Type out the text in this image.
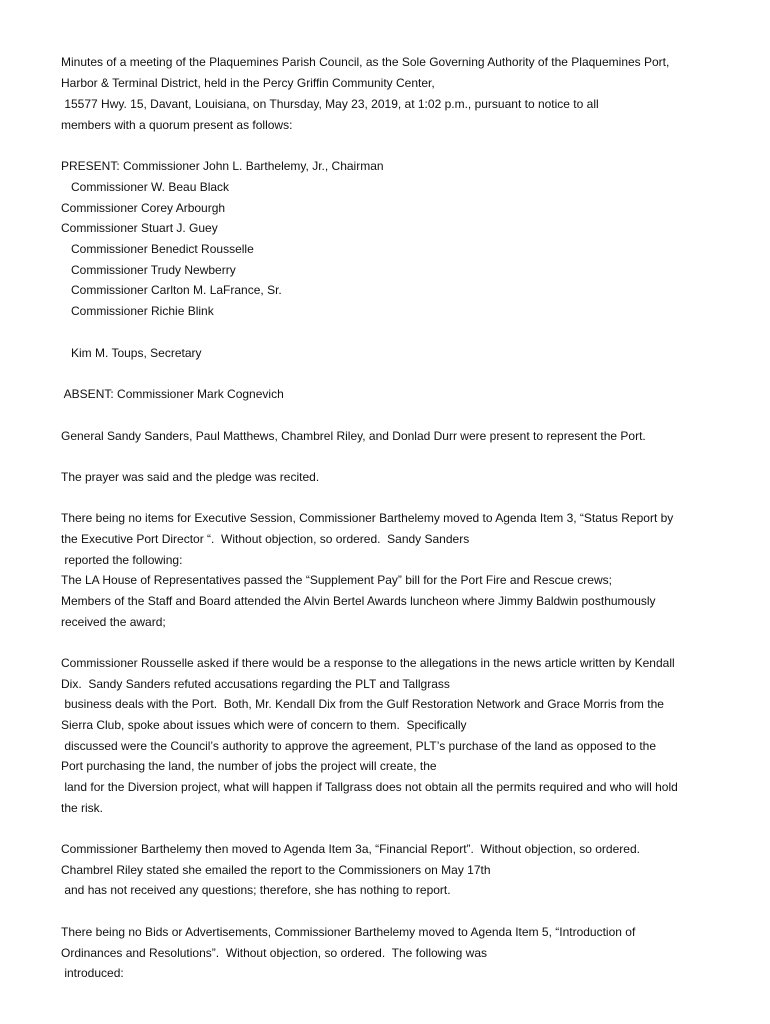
Minutes of a meeting of the Plaquemines Parish Council, as the Sole Governing Authority of the Plaquemines Port,
Harbor & Terminal District, held in the Percy Griffin Community Center,
15577 Hwy. 15, Davant, Louisiana, on Thursday, May 23, 2019, at 1:02 p.m., pursuant to notice to all
members with a quorum present as follows:
PRESENT: Commissioner John L. Barthelemy, Jr., Chairman
Commissioner W. Beau Black
Commissioner Corey Arbourgh
Commissioner Stuart J. Guey
Commissioner Benedict Rousselle
Commissioner Trudy Newberry
Commissioner Carlton M. LaFrance, Sr.
Commissioner Richie Blink
Kim M. Toups, Secretary
ABSENT: Commissioner Mark Cognevich
General Sandy Sanders, Paul Matthews, Chambrel Riley, and Donlad Durr were present to represent the Port.
The prayer was said and the pledge was recited.
There being no items for Executive Session, Commissioner Barthelemy moved to Agenda Item 3, “Status Report by
the Executive Port Director “.  Without objection, so ordered.  Sandy Sanders
reported the following:
The LA House of Representatives passed the “Supplement Pay” bill for the Port Fire and Rescue crews;
Members of the Staff and Board attended the Alvin Bertel Awards luncheon where Jimmy Baldwin posthumously
received the award;
Commissioner Rousselle asked if there would be a response to the allegations in the news article written by Kendall
Dix.  Sandy Sanders refuted accusations regarding the PLT and Tallgrass
business deals with the Port.  Both, Mr. Kendall Dix from the Gulf Restoration Network and Grace Morris from the
Sierra Club, spoke about issues which were of concern to them.  Specifically
discussed were the Council’s authority to approve the agreement, PLT’s purchase of the land as opposed to the
Port purchasing the land, the number of jobs the project will create, the
land for the Diversion project, what will happen if Tallgrass does not obtain all the permits required and who will hold
the risk.
Commissioner Barthelemy then moved to Agenda Item 3a, “Financial Report”.  Without objection, so ordered.
Chambrel Riley stated she emailed the report to the Commissioners on May 17th
and has not received any questions; therefore, she has nothing to report.
There being no Bids or Advertisements, Commissioner Barthelemy moved to Agenda Item 5, “Introduction of
Ordinances and Resolutions”.  Without objection, so ordered.  The following was
introduced:
